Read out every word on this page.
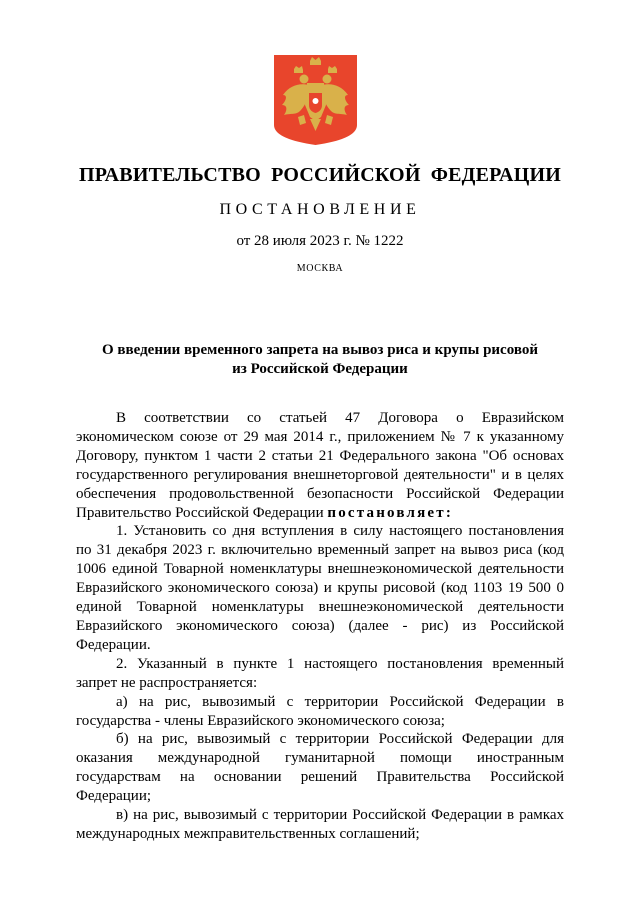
ПРАВИТЕЛЬСТВО РОССИЙСКОЙ ФЕДЕРАЦИИ
ПОСТАНОВЛЕНИЕ
от 28 июля 2023 г. № 1222
МОСКВА
О введении временного запрета на вывоз риса и крупы рисовой
из Российской Федерации

В соответствии со статьей 47 Договора о Евразийском экономическом союзе от 29 мая 2014 г., приложением № 7 к указанному Договору, пунктом 1 части 2 статьи 21 Федерального закона "Об основах государственного регулирования внешнеторговой деятельности" и в целях обеспечения продовольственной безопасности Российской Федерации Правительство Российской Федерации постановляет:

1. Установить со дня вступления в силу настоящего постановления по 31 декабря 2023 г. включительно временный запрет на вывоз риса (код 1006 единой Товарной номенклатуры внешнеэкономической деятельности Евразийского экономического союза) и крупы рисовой (код 1103 19 500 0 единой Товарной номенклатуры внешнеэкономической деятельности Евразийского экономического союза) (далее - рис) из Российской Федерации.

2. Указанный в пункте 1 настоящего постановления временный запрет не распространяется:

а) на рис, вывозимый с территории Российской Федерации в государства - члены Евразийского экономического союза;

б) на рис, вывозимый с территории Российской Федерации для оказания международной гуманитарной помощи иностранным государствам на основании решений Правительства Российской Федерации;

в) на рис, вывозимый с территории Российской Федерации в рамках международных межправительственных соглашений;
